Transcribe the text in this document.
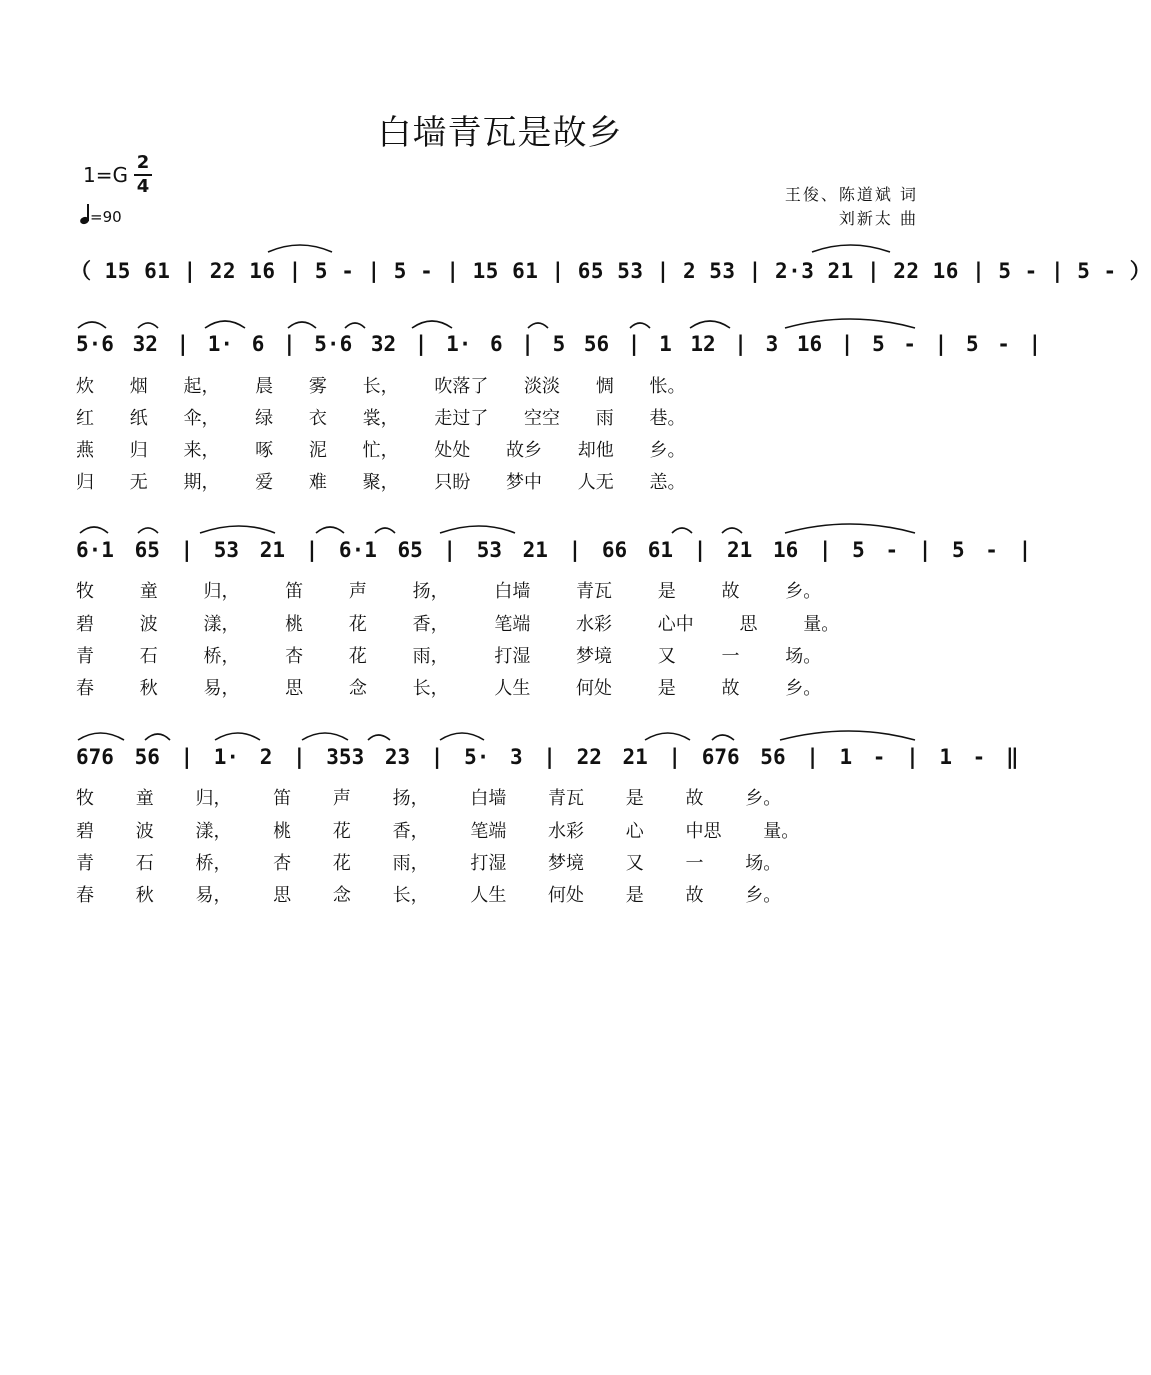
白墙青瓦是故乡
1=G
2
4
=90
王俊、陈道斌 词
刘新太 曲
（ 15 61 | 22 16 | 5 - | 5 - | 15 61 | 65 53 | 2 53 | 2·3 21 | 22 16 | 5 - | 5 - ）
5·6 32 | 1· 6 | 5·6 32 | 1· 6 | 5 56 | 1 12 | 3 16 | 5 - | 5 - |
炊 烟 起， 晨 雾 长， 吹落了 淡淡 惆 怅。
红 纸 伞， 绿 衣 裳， 走过了 空空 雨 巷。
燕 归 来， 啄 泥 忙， 处处 故乡 却他 乡。
归 无 期， 爱 难 聚， 只盼 梦中 人无 恙。
6·1 65 | 53 21 | 6·1 65 | 53 21 | 66 61 | 21 16 | 5 - | 5 - |
牧 童 归， 笛 声 扬， 白墙 青瓦 是 故 乡。
碧 波 漾， 桃 花 香， 笔端 水彩 心中 思 量。
青 石 桥， 杏 花 雨， 打湿 梦境 又 一 场。
春 秋 易， 思 念 长， 人生 何处 是 故 乡。
676 56 | 1· 2 | 353 23 | 5· 3 | 22 21 | 676 56 | 1 - | 1 - ‖
牧 童 归， 笛 声 扬， 白墙 青瓦 是 故 乡。
碧 波 漾， 桃 花 香， 笔端 水彩 心 中思 量。
青 石 桥， 杏 花 雨， 打湿 梦境 又 一 场。
春 秋 易， 思 念 长， 人生 何处 是 故 乡。
